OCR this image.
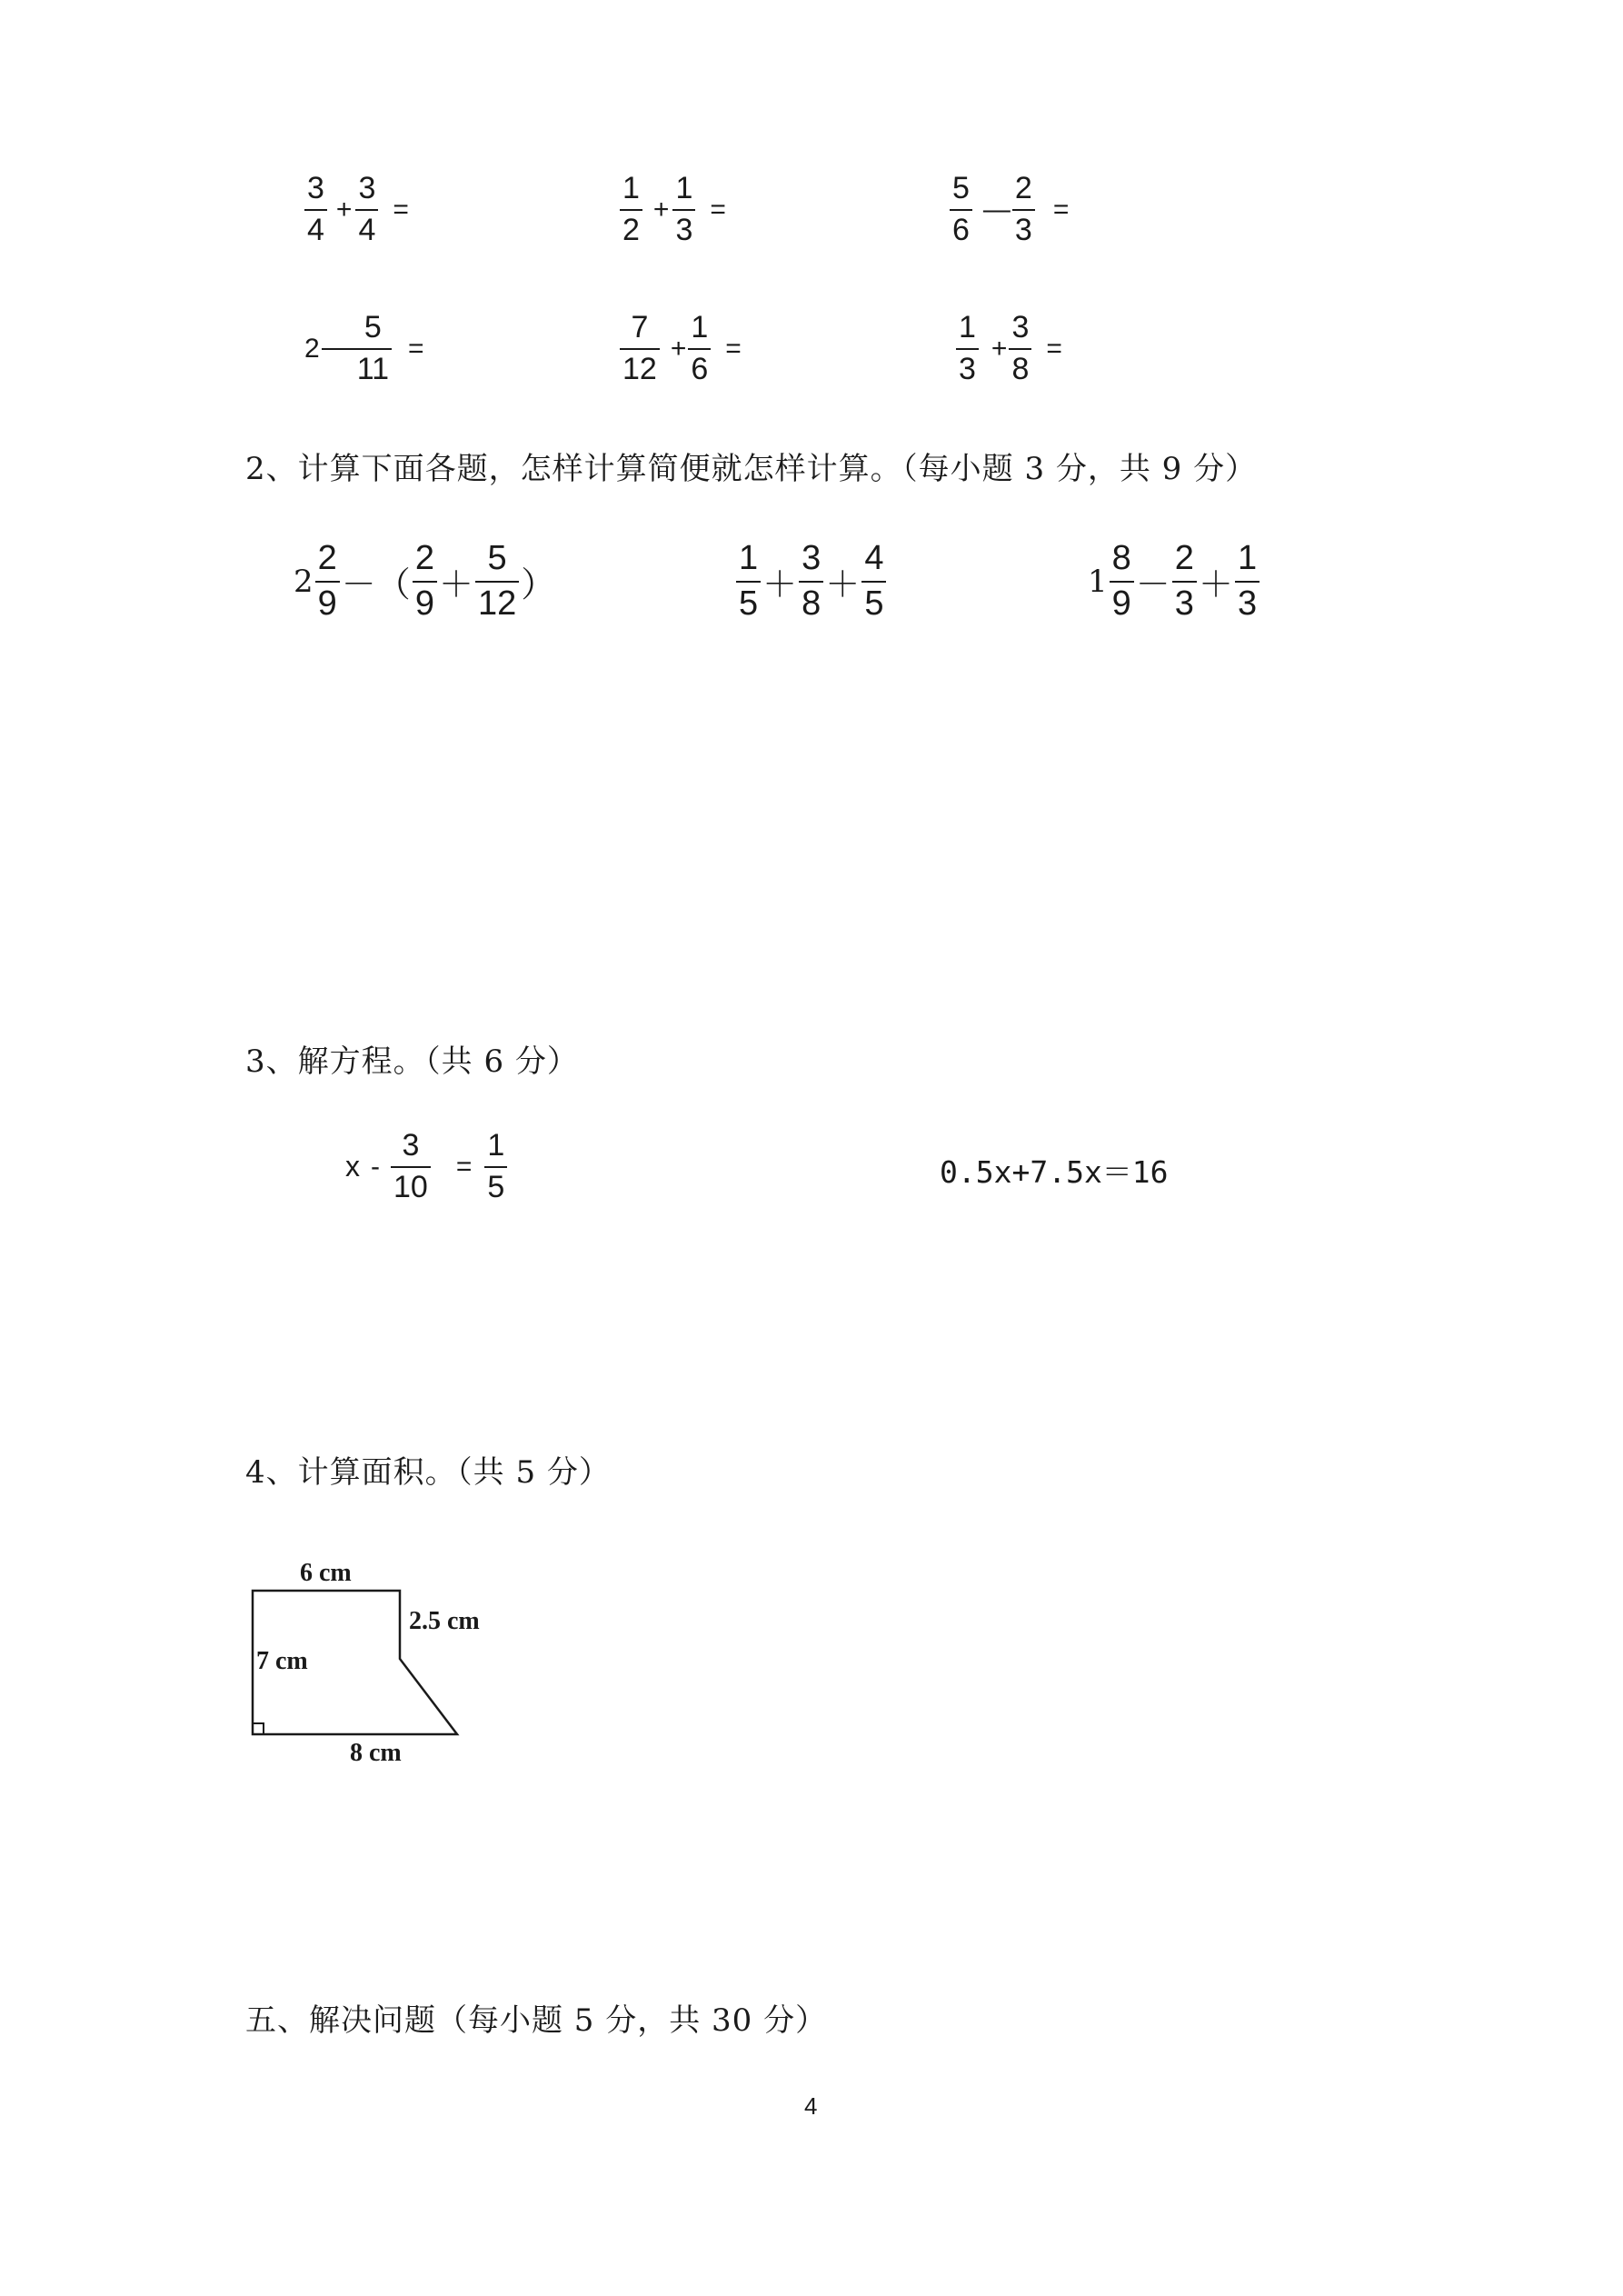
$\frac{3}{4} + \frac{3}{4}$ =	$\frac{1}{2} + \frac{1}{3}$ =	$\frac{5}{6}$ — $\frac{2}{3}$ =
$2 \frac{5}{11}$ =	$\frac{7}{12} + \frac{1}{6}$ =	$\frac{1}{3} + \frac{3}{8}$ =
2、计算下面各题，怎样计算简便就怎样计算。（每小题 3 分，共 9 分）
$2 \frac{2}{9}$ － （ $\frac{2}{9} + \frac{5}{12}$ ）	$\frac{1}{5} + \frac{3}{8} + \frac{4}{5}$	$1 \frac{8}{9} - \frac{2}{3} + \frac{1}{3}$
3、解方程。（共 6 分）
$x - \frac{3}{10} = \frac{1}{5}$	0.5x+7.5x＝16
4、计算面积。（共 5 分）
6 cm
2.5 cm
7 cm
8 cm
五、解决问题（每小题 5 分，共 30 分）
4
